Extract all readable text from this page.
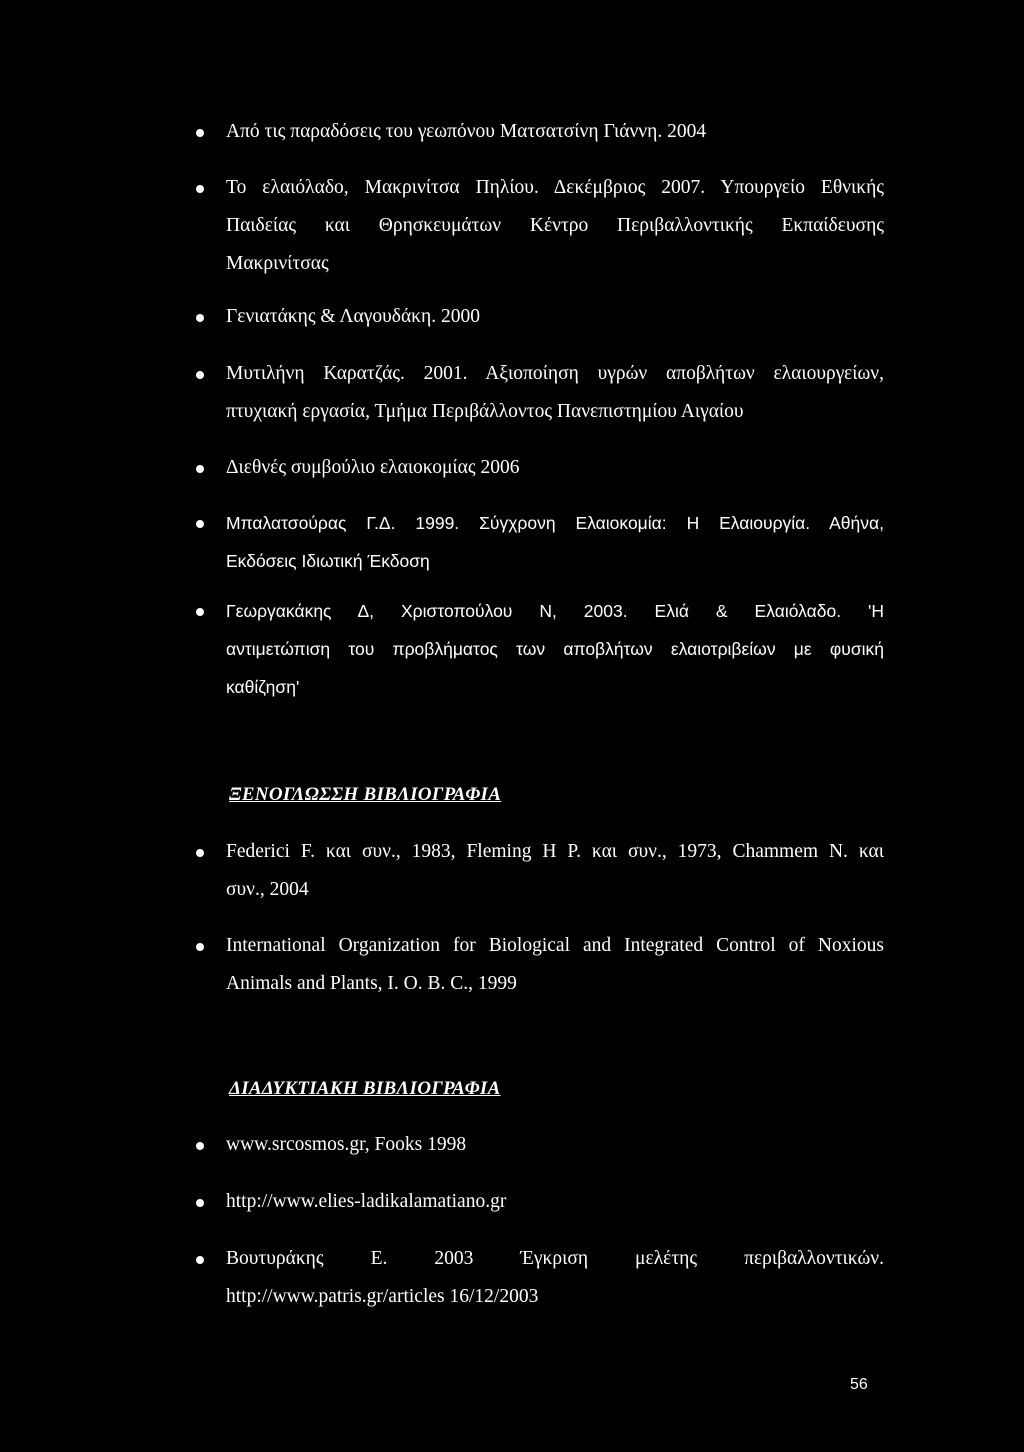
Από τις παραδόσεις του γεωπόνου Ματσατσίνη Γιάννη. 2004
Το ελαιόλαδο, Μακρινίτσα Πηλίου. Δεκέμβριος 2007. Υπουργείο Εθνικής
Παιδείας και Θρησκευμάτων Κέντρο Περιβαλλοντικής Εκπαίδευσης
Μακρινίτσας
Γενιατάκης & Λαγουδάκη. 2000
Μυτιλήνη Καρατζάς. 2001. Αξιοποίηση υγρών αποβλήτων ελαιουργείων,
πτυχιακή εργασία, Τμήμα Περιβάλλοντος Πανεπιστημίου Αιγαίου
Διεθνές συμβούλιο ελαιοκομίας 2006
Μπαλατσούρας Γ.Δ. 1999. Σύγχρονη Ελαιοκομία: Η Ελαιουργία. Αθήνα,
Εκδόσεις Ιδιωτική Έκδοση
Γεωργακάκης Δ, Χριστοπούλου Ν, 2003. Ελιά & Ελαιόλαδο. 'Η
αντιμετώπιση του προβλήματος των αποβλήτων ελαιοτριβείων με φυσική
καθίζηση'
ΞΕΝΟΓΛΩΣΣΗ ΒΙΒΛΙΟΓΡΑΦΙΑ
Federici F. και συν., 1983, Fleming H P. και συν., 1973, Chammem N. και
συν., 2004
International Organization for Biological and Integrated Control of Noxious
Animals and Plants, I. O. B. C., 1999
ΔΙΑΔΥΚΤΙΑΚΗ ΒΙΒΛΙΟΓΡΑΦΙΑ
www.srcosmos.gr, Fooks 1998
http://www.elies-ladikalamatiano.gr
Βουτυράκης Ε. 2003 Έγκριση μελέτης περιβαλλοντικών.
http://www.patris.gr/articles 16/12/2003
56
